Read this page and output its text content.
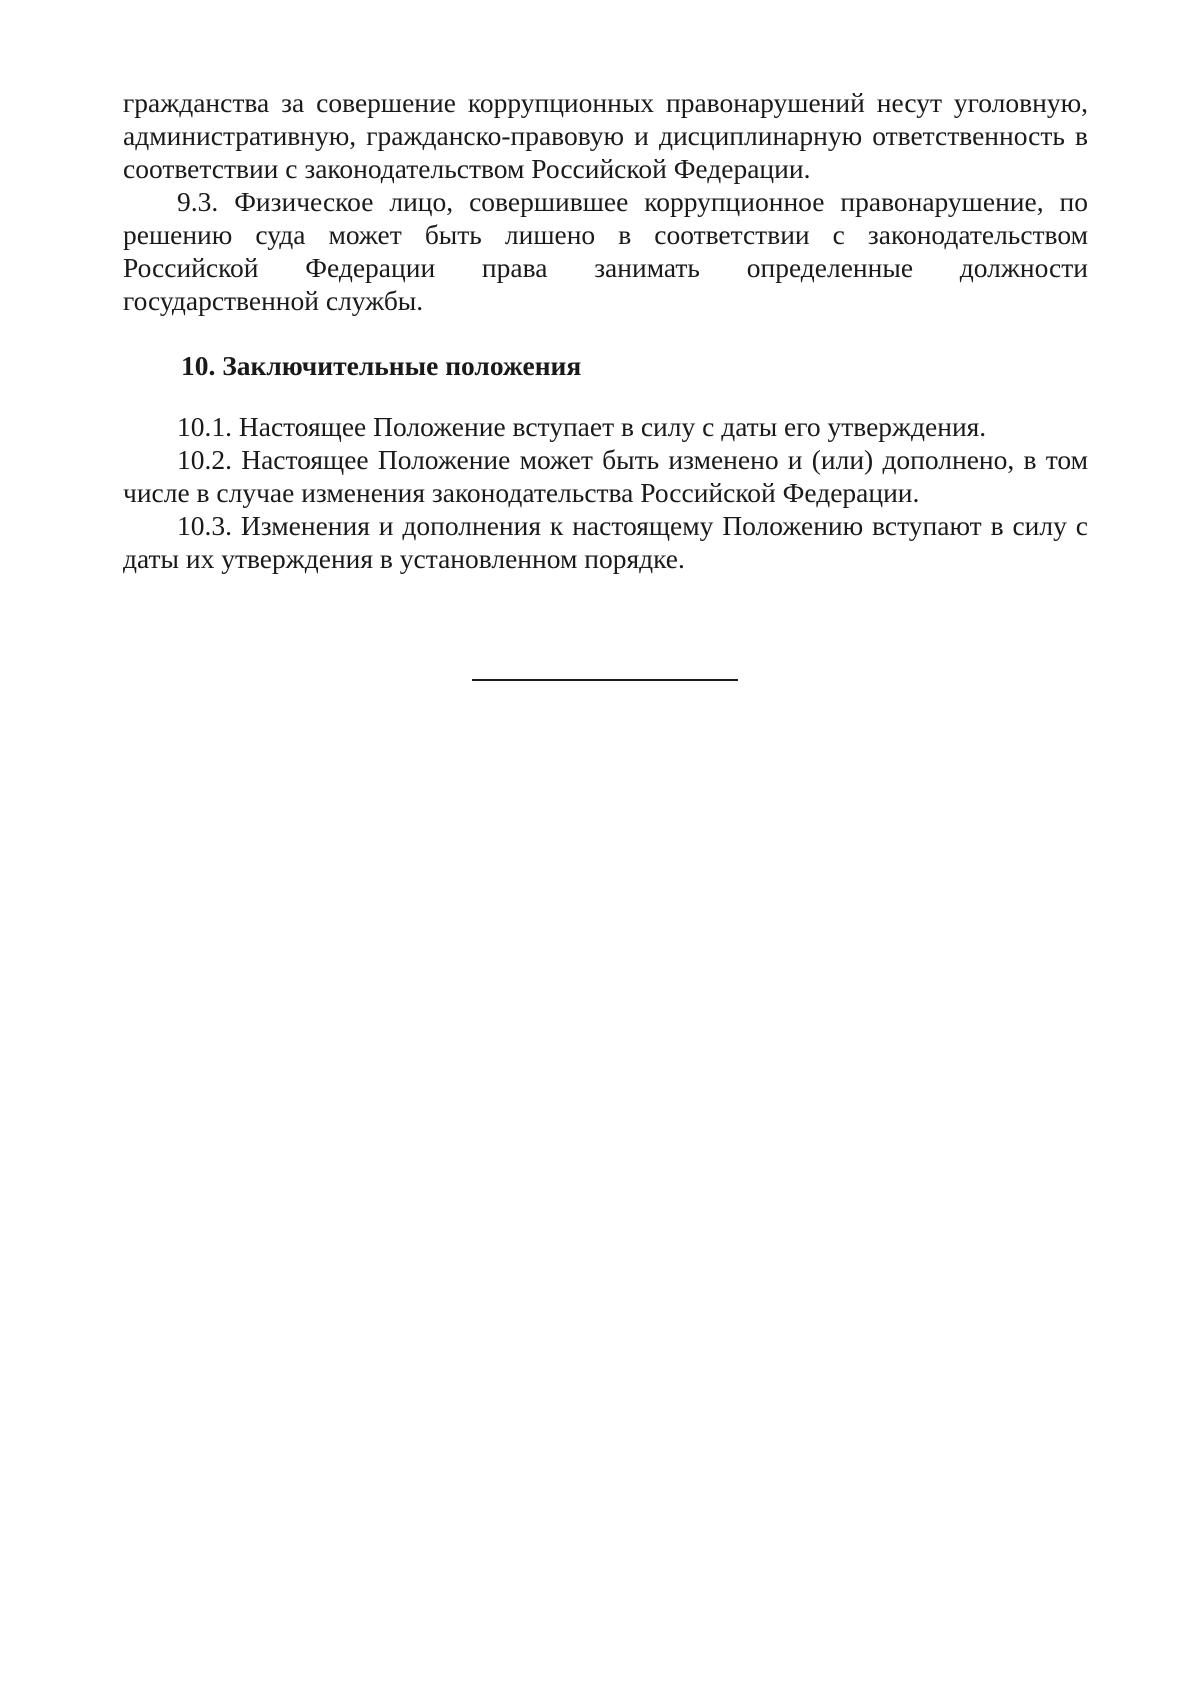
гражданства за совершение коррупционных правонарушений несут уголовную, административную, гражданско-правовую и дисциплинарную ответственность в соответствии с законодательством Российской Федерации.

9.3. Физическое лицо, совершившее коррупционное правонарушение, по решению суда может быть лишено в соответствии с законодательством Российской Федерации права занимать определенные должности государственной службы.

10. Заключительные положения

10.1. Настоящее Положение вступает в силу с даты его утверждения.

10.2. Настоящее Положение может быть изменено и (или) дополнено, в том числе в случае изменения законодательства Российской Федерации.

10.3. Изменения и дополнения к настоящему Положению вступают в силу с даты их утверждения в установленном порядке.
